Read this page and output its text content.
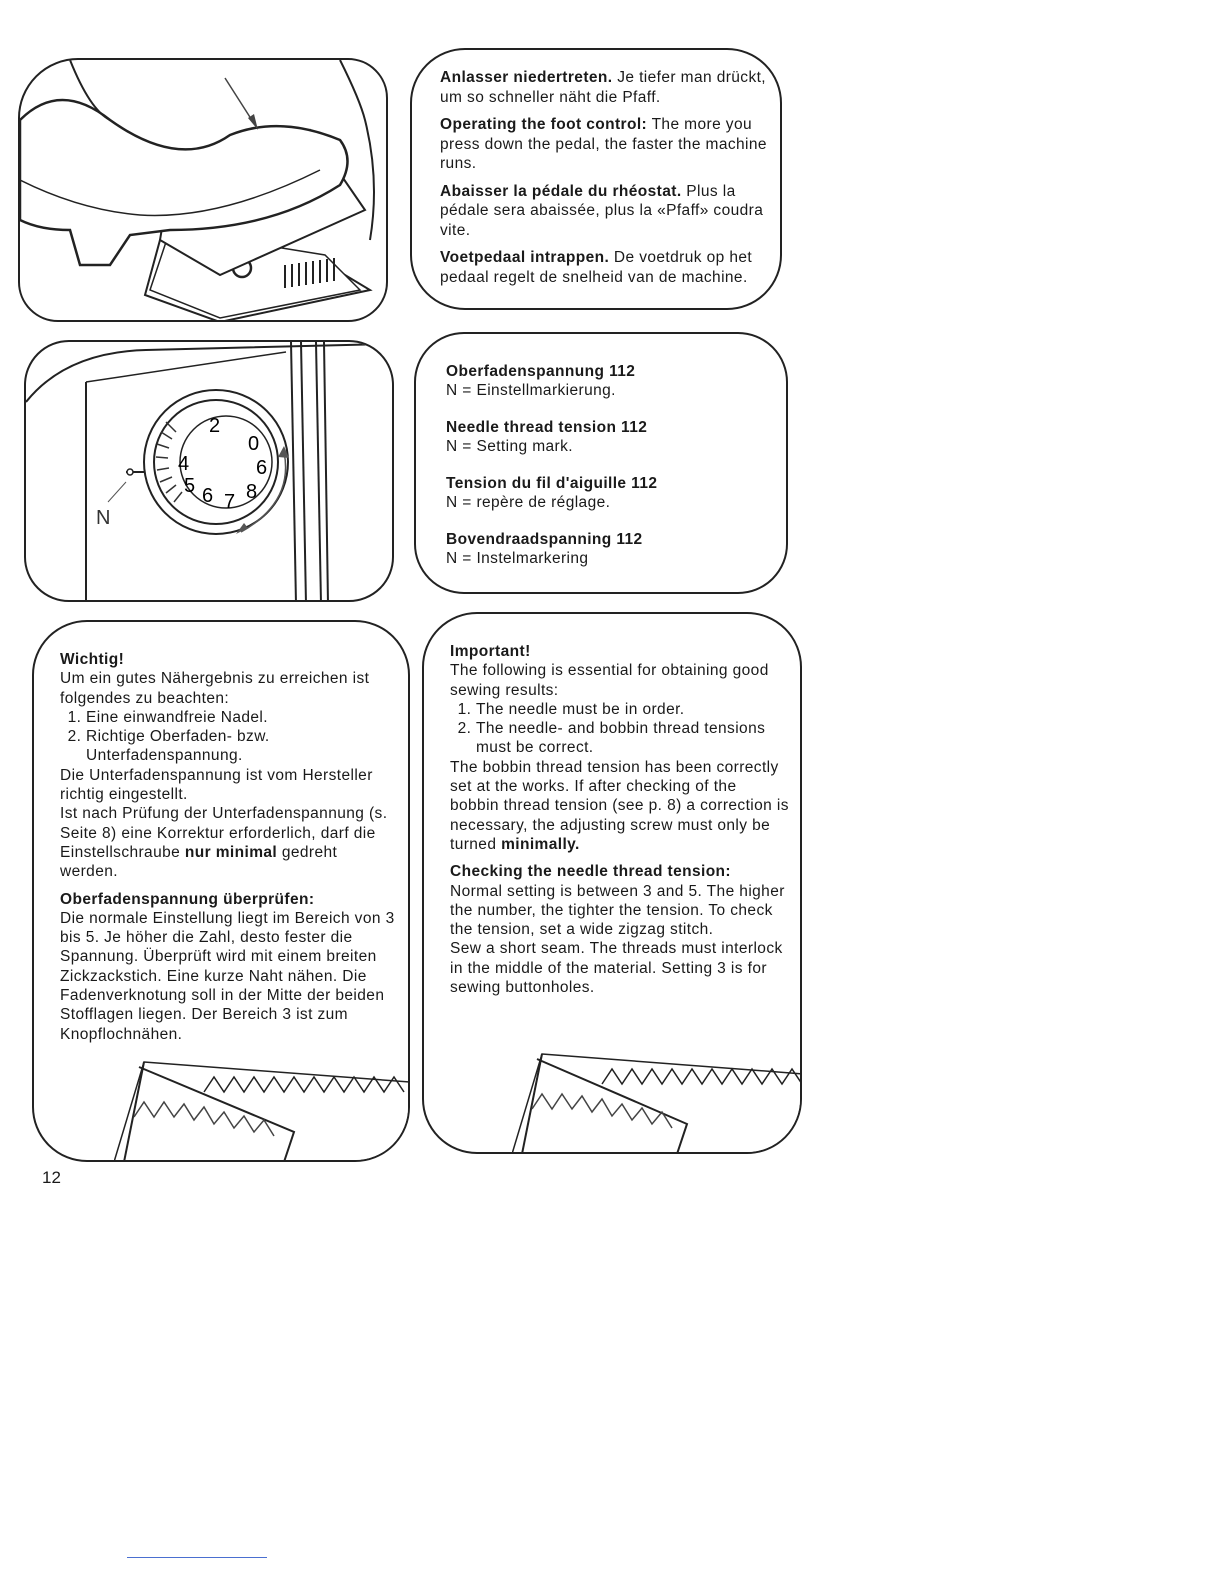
Anlasser niedertreten. Je tiefer man drückt, um so schneller näht die Pfaff.

Operating the foot control: The more you press down the pedal, the faster the machine runs.

Abaisser la pédale du rhéostat. Plus la pédale sera abaissée, plus la «Pfaff» coudra vite.

Voetpedaal intrappen. De voetdruk op het pedaal regelt de snelheid van de machine.

2
0
6
8
7
6
5
4
N

Oberfadenspannung 112
N = Einstellmarkierung.

Needle thread tension 112
N = Setting mark.

Tension du fil d'aiguille 112
N = repère de réglage.

Bovendraadspanning 112
N = Instelmarkering

Wichtig!
Um ein gutes Nähergebnis zu erreichen ist folgendes zu beachten:
1. Eine einwandfreie Nadel.
2. Richtige Oberfaden- bzw. Unterfadenspannung.
Die Unterfadenspannung ist vom Hersteller richtig eingestellt.

Ist nach Prüfung der Unterfadenspannung (s. Seite 8) eine Korrektur erforderlich, darf die Einstellschraube nur minimal gedreht werden.

Oberfadenspannung überprüfen:
Die normale Einstellung liegt im Bereich von 3 bis 5. Je höher die Zahl, desto fester die Spannung. Überprüft wird mit einem breiten Zickzackstich. Eine kurze Naht nähen. Die Fadenverknotung soll in der Mitte der beiden Stofflagen liegen. Der Bereich 3 ist zum Knopflochnähen.
Important!
The following is essential for obtaining good sewing results:
1. The needle must be in order.
2. The needle- and bobbin thread tensions must be correct.

The bobbin thread tension has been correctly set at the works. If after checking of the bobbin thread tension (see p. 8) a correction is necessary, the adjusting screw must only be turned minimally.

Checking the needle thread tension:
Normal setting is between 3 and 5. The higher the number, the tighter the tension. To check the tension, set a wide zigzag stitch.
Sew a short seam. The threads must interlock in the middle of the material. Setting 3 is for sewing buttonholes.
12
